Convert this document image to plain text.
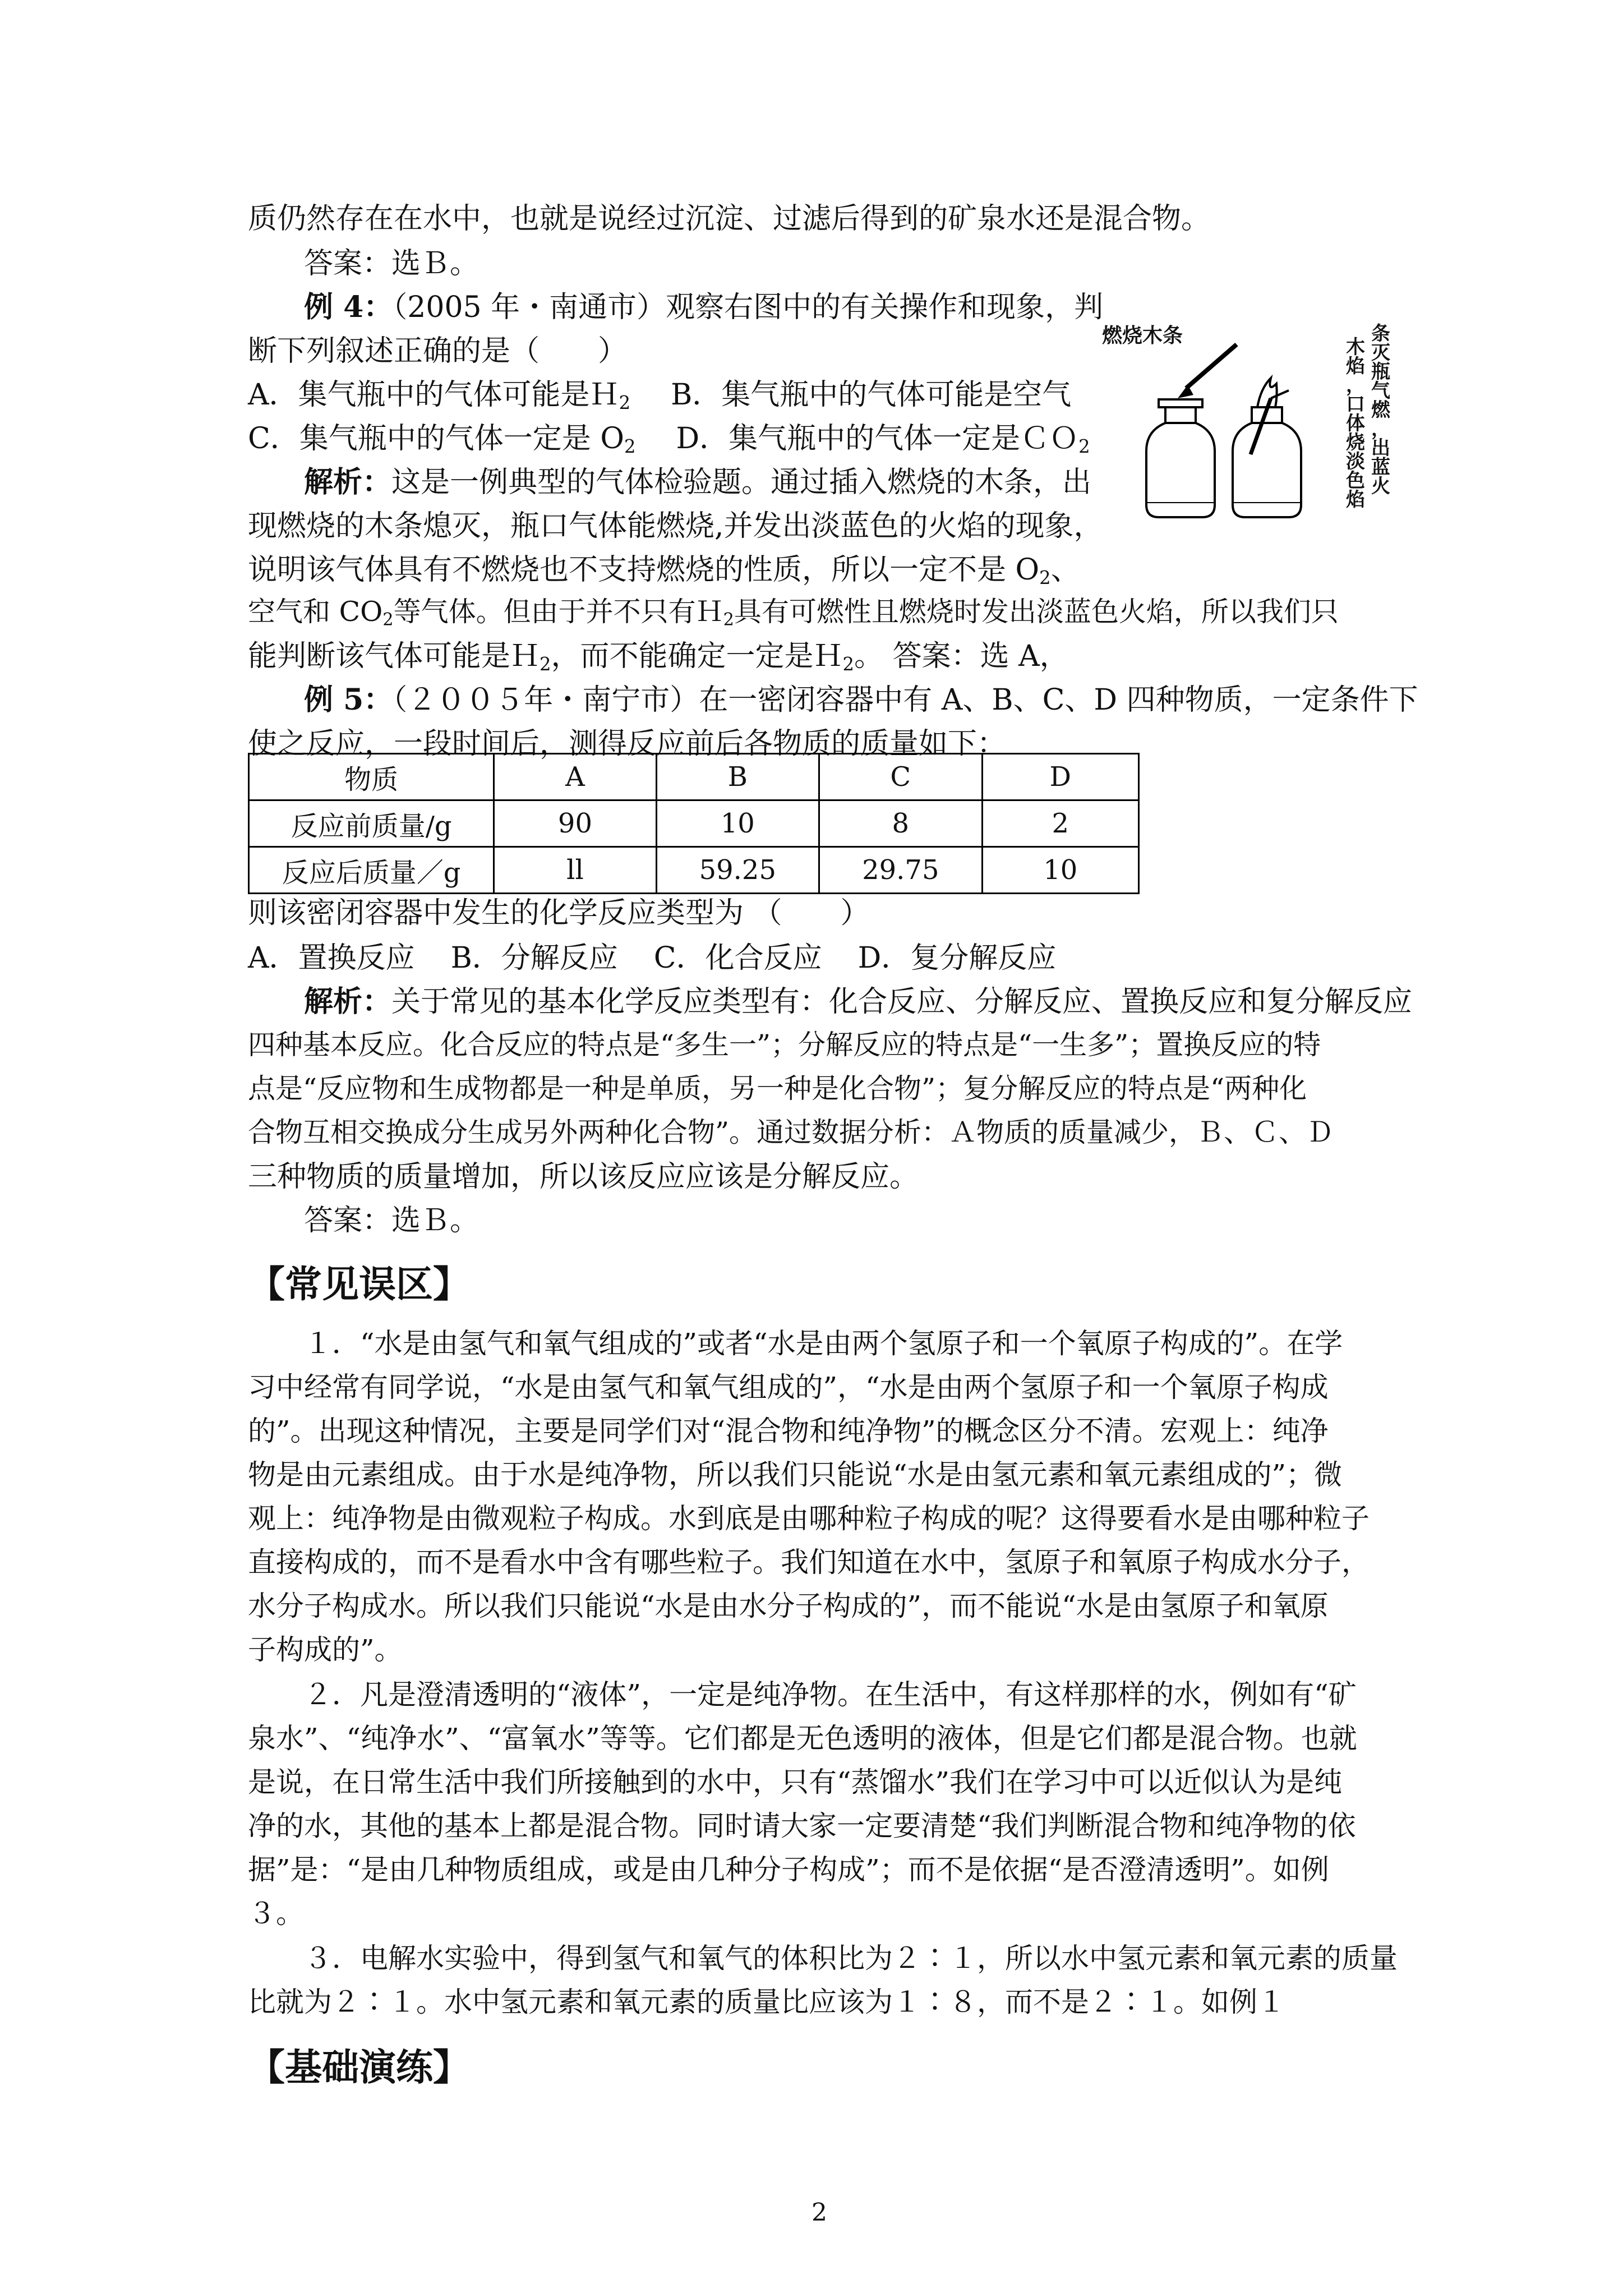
质仍然存在在水中，也就是说经过沉淀、过滤后得到的矿泉水还是混合物。
答案：选Ｂ。
例 4：（2005 年・南通市）观察右图中的有关操作和现象，判
断下列叙述正确的是（　　）
A．集气瓶中的气体可能是Ｈ$_2$ B．集气瓶中的气体可能是空气
C．集气瓶中的气体一定是 $O_2$ D．集气瓶中的气体一定是ＣＯ$_2$
解析：这是一例典型的气体检验题。通过插入燃烧的木条，出
现燃烧的木条熄灭，瓶口气体能燃烧,并发出淡蓝色的火焰的现象，
说明该气体具有不燃烧也不支持燃烧的性质，所以一定不是 $O_2$、
空气和 $CO_2$等气体。但由于并不只有Ｈ$_2$具有可燃性且燃烧时发出淡蓝色火焰，所以我们只
能判断该气体可能是Ｈ$_2$，而不能确定一定是Ｈ$_2$。 答案：选 A，
燃烧木条	木
焰
，
口
体
烧
淡
色
焰
条
灭
瓶
气
燃
，
出
蓝
火
例 5：（２００５年・南宁市）在一密闭容器中有 A、B、C、D 四种物质，一定条件下
使之反应，一段时间后，测得反应前后各物质的质量如下：
物质	A	B	C	D
反应前质量/g	90	10	8	2
反应后质量／g	ll	59.25	29.75	10
则该密闭容器中发生的化学反应类型为 （　　）
A．置换反应 B．分解反应 C．化合反应 D．复分解反应
解析： 关于常见的基本化学反应类型有：化合反应、分解反应、置换反应和复分解反应
四种基本反应。化合反应的特点是“多生一”；分解反应的特点是“一生多”；置换反应的特
点是“反应物和生成物都是一种是单质，另一种是化合物”；复分解反应的特点是“两种化
合物互相交换成分生成另外两种化合物”。通过数据分析：Ａ物质的质量减少，Ｂ、Ｃ、Ｄ
三种物质的质量增加，所以该反应应该是分解反应。
答案：选Ｂ。
【常见误区】
１．“水是由氢气和氧气组成的”或者“水是由两个氢原子和一个氧原子构成的”。在学
习中经常有同学说，“水是由氢气和氧气组成的”，“水是由两个氢原子和一个氧原子构成
的”。出现这种情况，主要是同学们对“混合物和纯净物”的概念区分不清。宏观上：纯净
物是由元素组成。由于水是纯净物，所以我们只能说“水是由氢元素和氧元素组成的”；微
观上：纯净物是由微观粒子构成。水到底是由哪种粒子构成的呢？这得要看水是由哪种粒子
直接构成的，而不是看水中含有哪些粒子。我们知道在水中，氢原子和氧原子构成水分子，
水分子构成水。所以我们只能说“水是由水分子构成的”，而不能说“水是由氢原子和氧原
子构成的”。
２．凡是澄清透明的“液体”，一定是纯净物。在生活中，有这样那样的水，例如有“矿
泉水”、“纯净水”、“富氧水”等等。它们都是无色透明的液体，但是它们都是混合物。也就
是说，在日常生活中我们所接触到的水中，只有“蒸馏水”我们在学习中可以近似认为是纯
净的水，其他的基本上都是混合物。同时请大家一定要清楚“我们判断混合物和纯净物的依
据”是：“是由几种物质组成，或是由几种分子构成”；而不是依据“是否澄清透明”。如例
３。
３．电解水实验中，得到氢气和氧气的体积比为２∶１，所以水中氢元素和氧元素的质量
比就为２∶１。水中氢元素和氧元素的质量比应该为１∶８，而不是２∶１。如例１
【基础演练】
2
